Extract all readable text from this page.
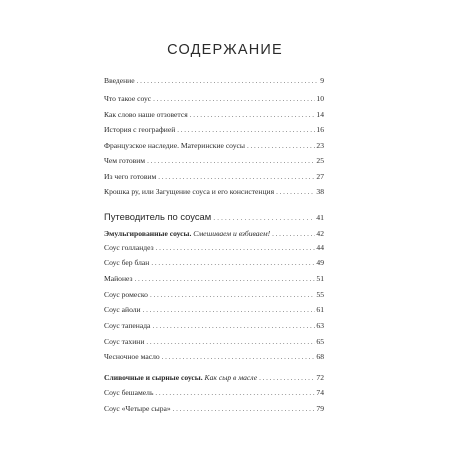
СОДЕРЖАНИЕ
Введение . . .	9
Что такое соус . . .	10
Как слово наше отзовется . . .	14
История с географией . . .	16
Французское наследие. Материнские соусы . . .	23
Чем готовим . . .	25
Из чего готовим . . .	27
Крошка ру, или Загущение соуса и его консистенция . . .	38
Путеводитель по соусам . . .	41
Эмульгированные соусы. Смешиваем и взбиваем! . . .	42
Соус голландез . . .	44
Соус бер блан . . .	49
Майонез . . .	51
Соус ромеско . . .	55
Соус айоли . . .	61
Соус тапенада . . .	63
Соус тахини . . .	65
Чесночное масло . . .	68
Сливочные и сырные соусы. Как сыр в масле . . .	72
Соус бешамель . . .	74
Соус «Четыре сыра» . . .	79
